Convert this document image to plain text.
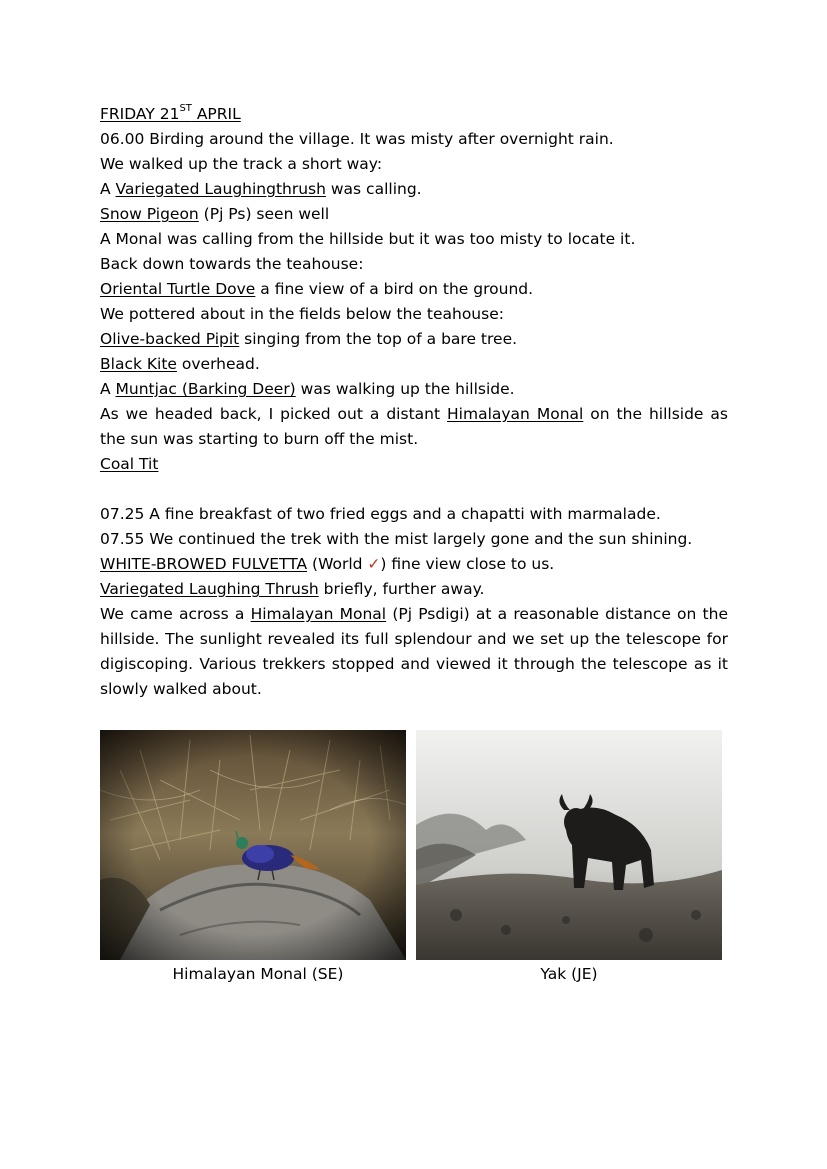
FRIDAY 21ST APRIL
06.00 Birding around the village. It was misty after overnight rain.
We walked up the track a short way:
A Variegated Laughingthrush was calling.
Snow Pigeon (Pj Ps) seen well
A Monal was calling from the hillside but it was too misty to locate it.
Back down towards the teahouse:
Oriental Turtle Dove a fine view of a bird on the ground.
We pottered about in the fields below the teahouse:
Olive-backed Pipit singing from the top of a bare tree.
Black Kite overhead.
A Muntjac (Barking Deer) was walking up the hillside.
As we headed back, I picked out a distant Himalayan Monal on the hillside as the sun was starting to burn off the mist.
Coal Tit
07.25 A fine breakfast of two fried eggs and a chapatti with marmalade.
07.55 We continued the trek with the mist largely gone and the sun shining.
WHITE-BROWED FULVETTA (World ✓) fine view close to us.
Variegated Laughing Thrush briefly, further away.
We came across a Himalayan Monal (Pj Psdigi) at a reasonable distance on the hillside. The sunlight revealed its full splendour and we set up the telescope for digiscoping. Various trekkers stopped and viewed it through the telescope as it slowly walked about.
Himalayan Monal (SE)	Yak (JE)
